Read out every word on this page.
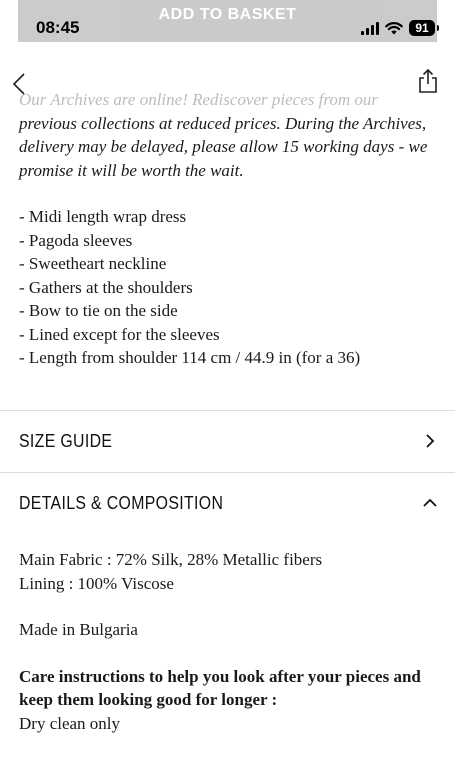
ADD TO BASKET
08:45	91

Our Archives are online! Rediscover pieces from our previous collections at reduced prices. During the Archives, delivery may be delayed, please allow 15 working days - we promise it will be worth the wait.

- Midi length wrap dress
- Pagoda sleeves
- Sweetheart neckline
- Gathers at the shoulders
- Bow to tie on the side
- Lined except for the sleeves
- Length from shoulder 114 cm / 44.9 in (for a 36)
SIZE GUIDE
DETAILS & COMPOSITION

Main Fabric : 72% Silk, 28% Metallic fibers

Lining : 100% Viscose

Made in Bulgaria

Care instructions to help you look after your pieces and keep them looking good for longer :

Dry clean only
